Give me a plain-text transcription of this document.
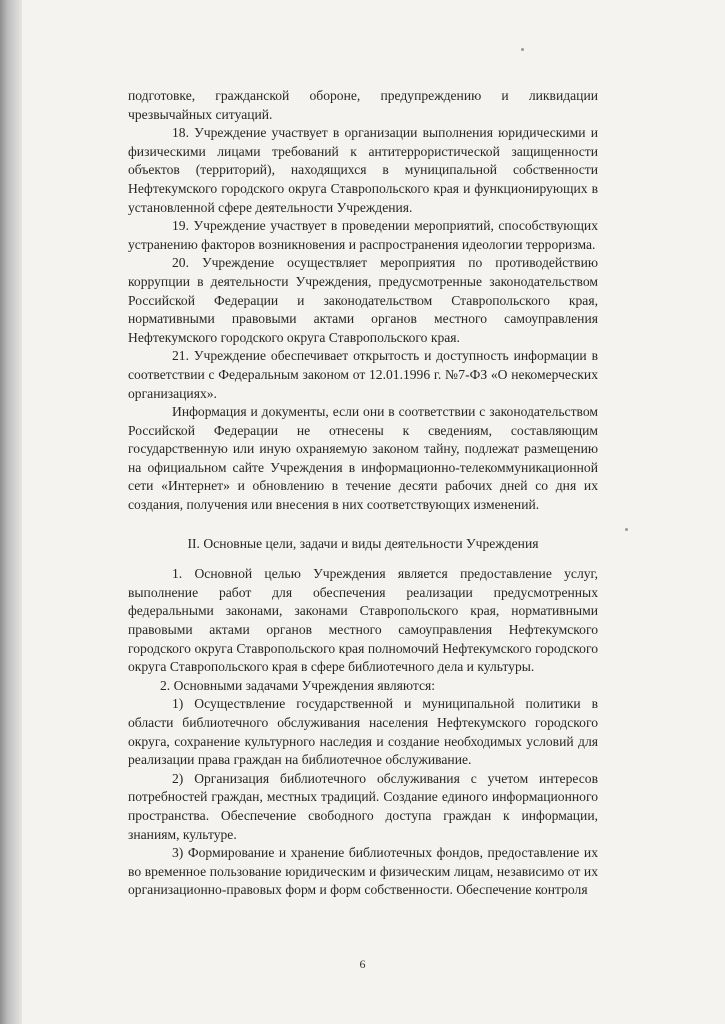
подготовке, гражданской обороне, предупреждению и ликвидации чрезвычайных ситуаций.

18. Учреждение участвует в организации выполнения юридическими и физическими лицами требований к антитеррористической защищенности объектов (территорий), находящихся в муниципальной собственности Нефтекумского городского округа Ставропольского края и функционирующих в установленной сфере деятельности Учреждения.

19. Учреждение участвует в проведении мероприятий, способствующих устранению факторов возникновения и распространения идеологии терроризма.

20. Учреждение осуществляет мероприятия по противодействию коррупции в деятельности Учреждения, предусмотренные законодательством Российской Федерации и законодательством Ставропольского края, нормативными правовыми актами органов местного самоуправления Нефтекумского городского округа Ставропольского края.

21. Учреждение обеспечивает открытость и доступность информации в соответствии с Федеральным законом от 12.01.1996 г. №7-ФЗ «О некомерческих организациях».

Информация и документы, если они в соответствии с законодательством Российской Федерации не отнесены к сведениям, составляющим государственную или иную охраняемую законом тайну, подлежат размещению на официальном сайте Учреждения в информационно-телекоммуникационной сети «Интернет» и обновлению в течение десяти рабочих дней со дня их создания, получения или внесения в них соответствующих изменений.

II. Основные цели, задачи и виды деятельности Учреждения

1. Основной целью Учреждения является предоставление услуг, выполнение работ для обеспечения реализации предусмотренных федеральными законами, законами Ставропольского края, нормативными правовыми актами органов местного самоуправления Нефтекумского городского округа Ставропольского края полномочий Нефтекумского городского округа Ставропольского края в сфере библиотечного дела и культуры.

2. Основными задачами Учреждения являются:

1) Осуществление государственной и муниципальной политики в области библиотечного обслуживания населения Нефтекумского городского округа, сохранение культурного наследия и создание необходимых условий для реализации права граждан на библиотечное обслуживание.

2) Организация библиотечного обслуживания с учетом интересов потребностей граждан, местных традиций. Создание единого информационного пространства. Обеспечение свободного доступа граждан к информации, знаниям, культуре.

3) Формирование и хранение библиотечных фондов, предоставление их во временное пользование юридическим и физическим лицам, независимо от их организационно-правовых форм и форм собственности. Обеспечение контроля

6
